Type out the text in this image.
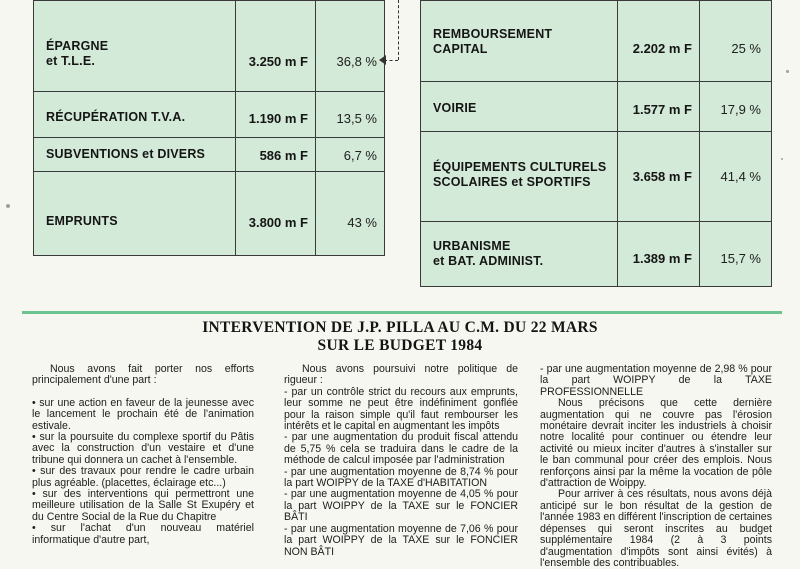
ÉPARGNE
et T.L.E.	3.250 m F	36,8 %
RÉCUPÉRATION T.V.A.	1.190 m F	13,5 %
SUBVENTIONS et DIVERS	586 m F	6,7 %
EMPRUNTS	3.800 m F	43 %
REMBOURSEMENT
CAPITAL	2.202 m F	25 %
VOIRIE	1.577 m F	17,9 %
ÉQUIPEMENTS CULTURELS
SCOLAIRES et SPORTIFS	3.658 m F	41,4 %
URBANISME
et BAT. ADMINIST.	1.389 m F	15,7 %
INTERVENTION DE J.P. PILLA AU C.M. DU 22 MARS
SUR LE BUDGET 1984

Nous avons fait porter nos efforts principalement d'une part :

• sur une action en faveur de la jeunesse avec le lancement le prochain été de l'animation estivale.

• sur la poursuite du complexe sportif du Pâtis avec la construction d'un vestaire et d'une tribune qui donnera un cachet à l'ensemble.

• sur des travaux pour rendre le cadre urbain plus agréable. (placettes, éclairage etc...)

• sur des interventions qui permettront une meilleure utilisation de la Salle St Exupéry et du Centre Social de la Rue du Chapitre

• sur l'achat d'un nouveau matériel informatique d'autre part,

Nous avons poursuivi notre politique de rigueur :

- par un contrôle strict du recours aux emprunts, leur somme ne peut être indéfiniment gonflée pour la raison simple qu'il faut rembourser les intérêts et le capital en augmentant les impôts

- par une augmentation du produit fiscal attendu de 5,75 % cela se traduira dans le cadre de la méthode de calcul imposée par l'administration

- par une augmentation moyenne de 8,74 % pour la part WOIPPY de la TAXE d'HABITATION

- par une augmentation moyenne de 4,05 % pour la part WOIPPY de la TAXE sur le FONCIER BÂTI

- par une augmentation moyenne de 7,06 % pour la part WOIPPY de la TAXE sur le FONCIER NON BÂTI

- par une augmentation moyenne de 2,98 % pour la part WOIPPY de la TAXE PROFESSIONNELLE

Nous précisons que cette dernière augmentation qui ne couvre pas l'érosion monétaire devrait inciter les industriels à choisir notre localité pour continuer ou étendre leur activité ou mieux inciter d'autres à s'installer sur le ban communal pour créer des emplois. Nous renforçons ainsi par la même la vocation de pôle d'attraction de Woippy.

Pour arriver à ces résultats, nous avons déjà anticipé sur le bon résultat de la gestion de l'année 1983 en différent l'inscription de certaines dépenses qui seront inscrites au budget supplémentaire 1984 (2 à 3 points d'augmentation d'impôts sont ainsi évités) à l'ensemble des contribuables.
